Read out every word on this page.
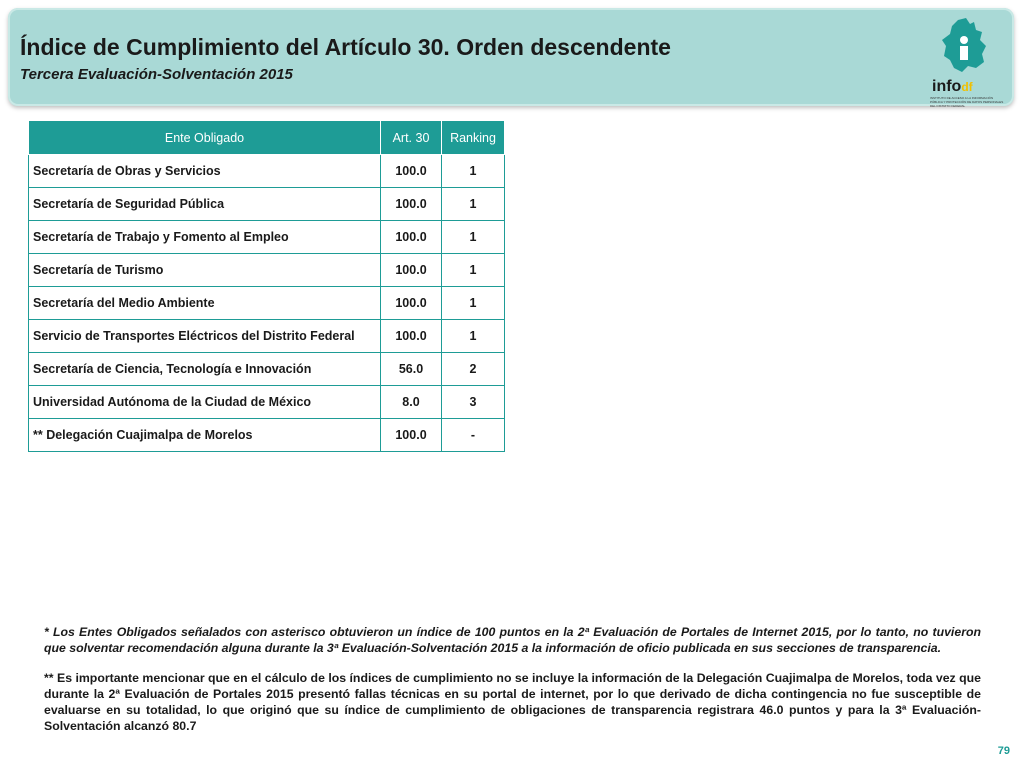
Índice de Cumplimiento del Artículo 30. Orden descendente
Tercera Evaluación-Solventación 2015
infodf
INSTITUTO DE ACCESO A LA INFORMACIÓN PÚBLICA Y PROTECCIÓN DE DATOS PERSONALES DEL DISTRITO FEDERAL
Ente Obligado	Art. 30	Ranking
Secretaría de Obras y Servicios	100.0	1
Secretaría de Seguridad Pública	100.0	1
Secretaría de Trabajo y Fomento al Empleo	100.0	1
Secretaría de Turismo	100.0	1
Secretaría del Medio Ambiente	100.0	1
Servicio de Transportes Eléctricos del Distrito Federal	100.0	1
Secretaría de Ciencia, Tecnología e Innovación	56.0	2
Universidad Autónoma de la Ciudad de México	8.0	3
** Delegación Cuajimalpa de Morelos	100.0	-

* Los Entes Obligados señalados con asterisco obtuvieron un índice de 100 puntos en la 2ª Evaluación de Portales de Internet 2015, por lo tanto, no tuvieron que solventar recomendación alguna durante la 3ª Evaluación-Solventación 2015 a la información de oficio publicada en sus secciones de transparencia.

** Es importante mencionar que en el cálculo de los índices de cumplimiento no se incluye la información de la Delegación Cuajimalpa de Morelos, toda vez que durante la 2ª Evaluación de Portales 2015 presentó fallas técnicas en su portal de internet, por lo que derivado de dicha contingencia no fue susceptible de evaluarse en su totalidad, lo que originó que su índice de cumplimiento de obligaciones de transparencia registrara 46.0 puntos y para la 3ª Evaluación-Solventación alcanzó 80.7

79
